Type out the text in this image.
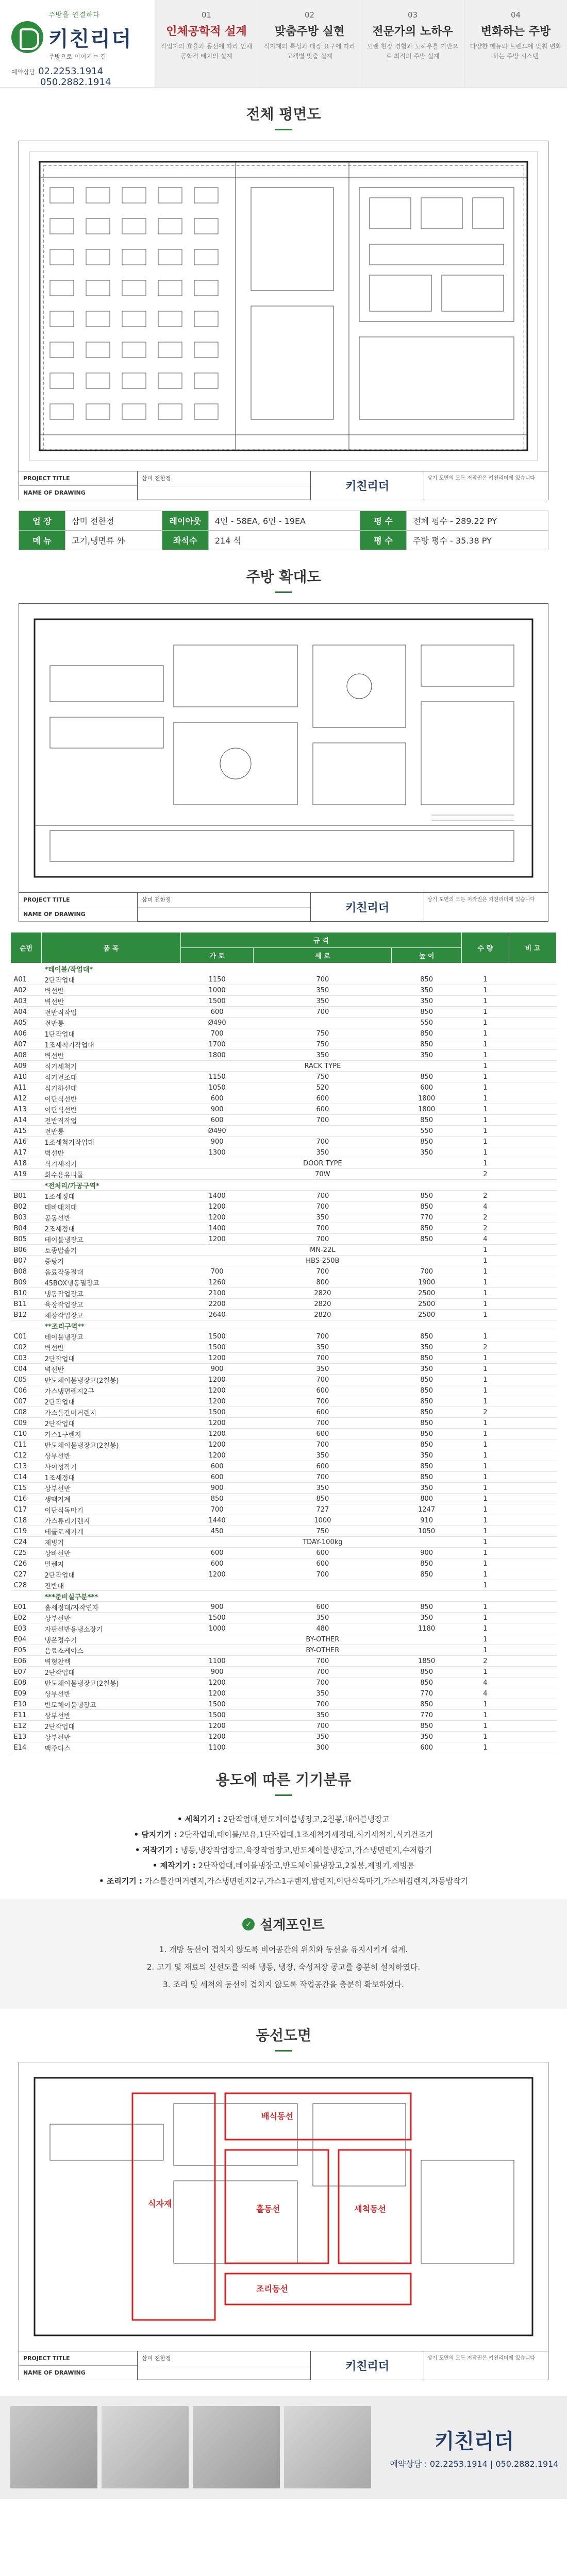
주방을 연결하다
키친리더
주방으로 이어지는 길
예약상담 02.2253.1914
050.2882.1914
01
인체공학적 설계
작업자의 효율과 동선에 따라 인체공학적 배치의 설계
02
맞춤주방 실현
식자재의 특성과 매장 요구에 따라 고객별 맞춤 설계
03
전문가의 노하우
오랜 현장 경험과 노하우를 기반으로 최적의 주방 설계
04
변화하는 주방
다양한 메뉴와 트렌드에 맞춰 변화하는 주방 시스템
전체 평면도
PROJECT TITLE
NAME OF DRAWING
삼미 전한정
키친리더
상기 도면의 모든 저작권은 키친리더에 있습니다
업 장	삼미 전한정	레이아웃	4인 - 58EA, 6인 - 19EA	평 수	전체 평수 - 289.22 PY
메 뉴	고기,냉면류 外	좌석수	214 석	평 수	주방 평수 - 35.38 PY
주방 확대도
PROJECT TITLE
NAME OF DRAWING
삼미 전한정
키친리더
상기 도면의 모든 저작권은 키친리더에 있습니다
순번	품 목	규 격			수 량	비 고
		가 로	세 로	높 이		
	*테이블/작업대*					
A01	2단작업대	1150	700	850	1	
A02	벽선반	1000	350	350	1	
A03	벽선반	1500	350	350	1	
A04	전반직작업	600	700	850	1	
A05	전반통	Ø490		550	1	
A06	1단작업대	700	750	850	1	
A07	1조세척기작업대	1700	750	850	1	
A08	벽선반	1800	350	350	1	
A09	식기세척기		RACK TYPE		1	
A10	식기건조대	1150	750	850	1	
A11	식기하선대	1050	520	600	1	
A12	이단식선반	600	600	1800	1	
A13	이단식선반	900	600	1800	1	
A14	전반직작업	600	700	850	1	
A15	전반통	Ø490		550	1	
A16	1조세척기작업대	900	700	850	1	
A17	벽선반	1300	350	350	1	
A18	식기세척기		DOOR TYPE		1	
A19	회수용유니폴		70W		2	
	*전처리/가공구역*					
B01	1조세정대	1400	700	850	2	
B02	테바대치대	1200	700	850	4	
B03	공동선반	1200	350	770	2	
B04	2조세정대	1400	700	850	2	
B05	테이블냉장고	1200	700	850	4	
B06	토종밥솥기		MN-22L		1	
B07	증탕기		HBS-250B		1	
B08	음료작동절대	700	700	700	1	
B09	45BOX냉동밀장고	1260	800	1900	1	
B10	냉동작업장고	2100	2820	2500	1	
B11	육장작업장고	2200	2820	2500	1	
B12	채장작업장고	2640	2820	2500	1	
	**조리구역**					
C01	테이블냉장고	1500	700	850	1	
C02	벽선반	1500	350	350	2	
C03	2단작업대	1200	700	850	1	
C04	벽선반	900	350	350	1	
C05	반도체이불냉장고(2칠봉)	1200	700	850	1	
C06	가스냉면렌지2구	1200	600	850	1	
C07	2단작업대	1200	700	850	1	
C08	가스틀간머거렌지	1500	600	850	2	
C09	2단작업대	1200	700	850	1	
C10	가스1구렌지	1200	600	850	1	
C11	반도체이불냉장고(2칠봉)	1200	700	850	1	
C12	상부선반	1200	350	350	1	
C13	사이성작기	600	600	850	1	
C14	1조세정대	600	700	850	1	
C15	상부선반	900	350	350	1	
C16	생맥기계	850	850	800	1	
C17	이단식독마기	700	727	1247	1	
C18	가스튜리기렌지	1440	1000	910	1	
C19	테콜로제기계	450	750	1050	1	
C24	제빙기		TDAY-100kg		1	
C25	상바선반	600	600	900	1	
C26	밀렌지	600	600	850	1	
C27	2단작업대	1200	700	850	1	
C28	진반대				1	
	***준비실구분***					
E01	홀세정대/자작연자	900	600	850	1	
E02	상부선반	1500	350	350	1	
E03	자판선반용냉소장기	1000	480	1180	1	
E04	냉온정수기		BY-OTHER		1	
E05	음료쇼케이스		BY-OTHER		1	
E06	벽형찬렉	1100	700	1850	2	
E07	2단작업대	900	700	850	1	
E08	반도체이불냉장고(2칠봉)	1200	700	850	4	
E09	상부선반	1200	350	770	4	
E10	반도체이불냉장고	1500	700	850	1	
E11	상부선반	1500	350	770	1	
E12	2단작업대	1200	700	850	1	
E13	상부선반	1200	350	350	1	
E14	맥주디스	1100	300	600	1	
용도에 따른 기기분류
• 세척기기 : 2단작업대,반도체이불냉장고,2칠봉,대이블냉장고
• 담지기기 : 2단작업대,테이블/보유,1단작업대,1조세척기세정대,식기세척기,식기건조기
• 저작기기 : 냉동,냉장작업장고,육장작업장고,반도체이불냉장고,가스냉면렌지,수저함기
• 제작기기 : 2단작업대,테이블냉장고,반도체이불냉장고,2칠봉,제빙기,제빙통
• 조리기기 : 가스틀간머거렌지,가스냉면렌지2구,가스1구렌지,밥렌지,이단식독마기,가스튀김렌지,자동밥작기
✓ 설계포인트
1. 개방 동선이 겹치지 않도록 비어공간의 위치와 동선을 유지시키게 설계.
2. 고기 및 재료의 신선도를 위해 냉동, 냉장, 숙성저장 공고를 충분히 설치하였다.
3. 조리 및 세척의 동선이 겹치지 않도록 작업공간을 충분히 확보하였다.
동선도면
배식동선
식자재
홀동선
조리동선
세척동선
PROJECT TITLE
NAME OF DRAWING
삼미 전한정
키친리더
상기 도면의 모든 저작권은 키친리더에 있습니다
키친리더
예약상담 : 02.2253.1914 | 050.2882.1914
